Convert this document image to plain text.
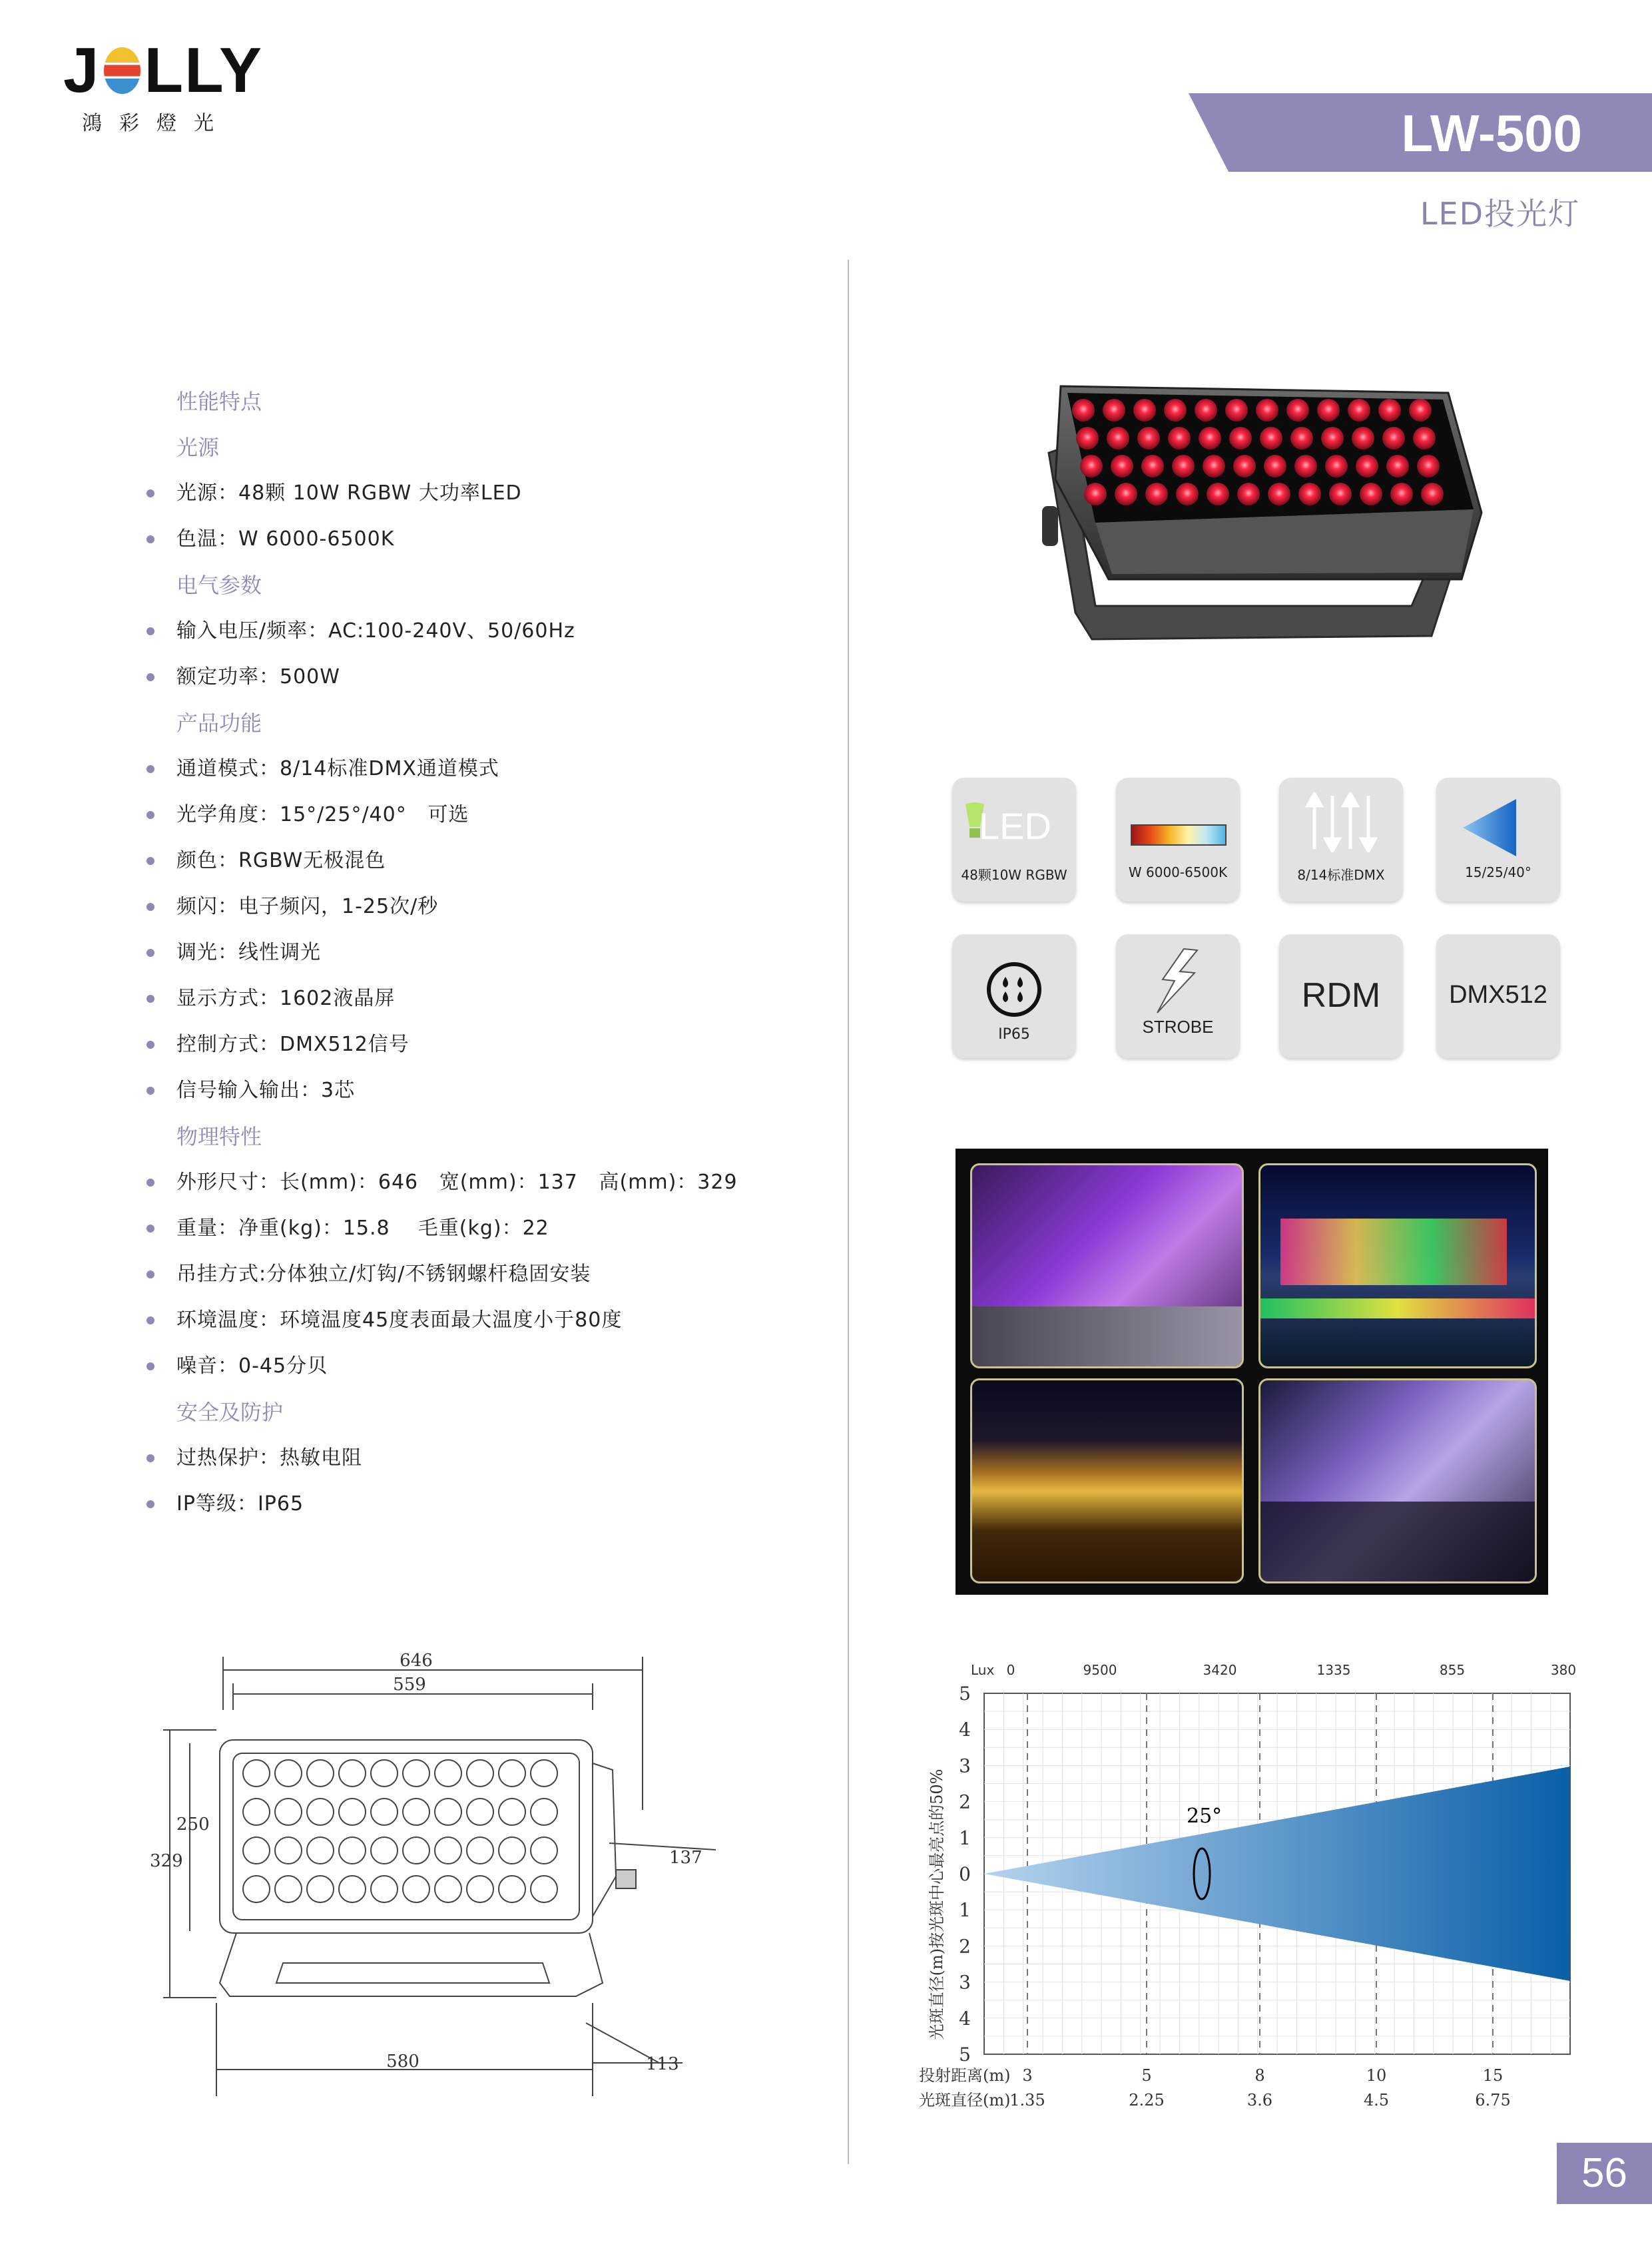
J LLY
鴻彩燈光	LW-500
LED投光灯
性能特点
光源
光源：48颗 10W RGBW 大功率LED
色温：W 6000-6500K
电气参数
输入电压/频率：AC:100-240V、50/60Hz
额定功率：500W
产品功能
通道模式：8/14标准DMX通道模式
光学角度：15°/25°/40°   可选
颜色：RGBW无极混色
频闪：电子频闪，1-25次/秒
调光：线性调光
显示方式：1602液晶屏
控制方式：DMX512信号
信号输入输出：3芯
物理特性
外形尺寸：长(mm)：646   宽(mm)：137   高(mm)：329
重量：净重(kg)：15.8    毛重(kg)：22
吊挂方式:分体独立/灯钩/不锈钢螺杆稳固安装
环境温度：环境温度45度表面最大温度小于80度
噪音：0-45分贝
安全及防护
过热保护：热敏电阻
IP等级：IP65
LED
48颗10W RGBW	W 6000-6500K	8/14标准DMX	15/25/40°
IP65	STROBE
RDM	DMX512
646
559
250
329	137
580	113
Lux 0	9500	3420	1335	855	380
25°
5
4
3
2
1
0
1
2
3
4
5
光斑直径(m)按光斑中心最亮点的50%
投射距离(m)
光斑直径(m)
3	5	8	10	15
1.35	2.25	3.6	4.5	6.75
56
